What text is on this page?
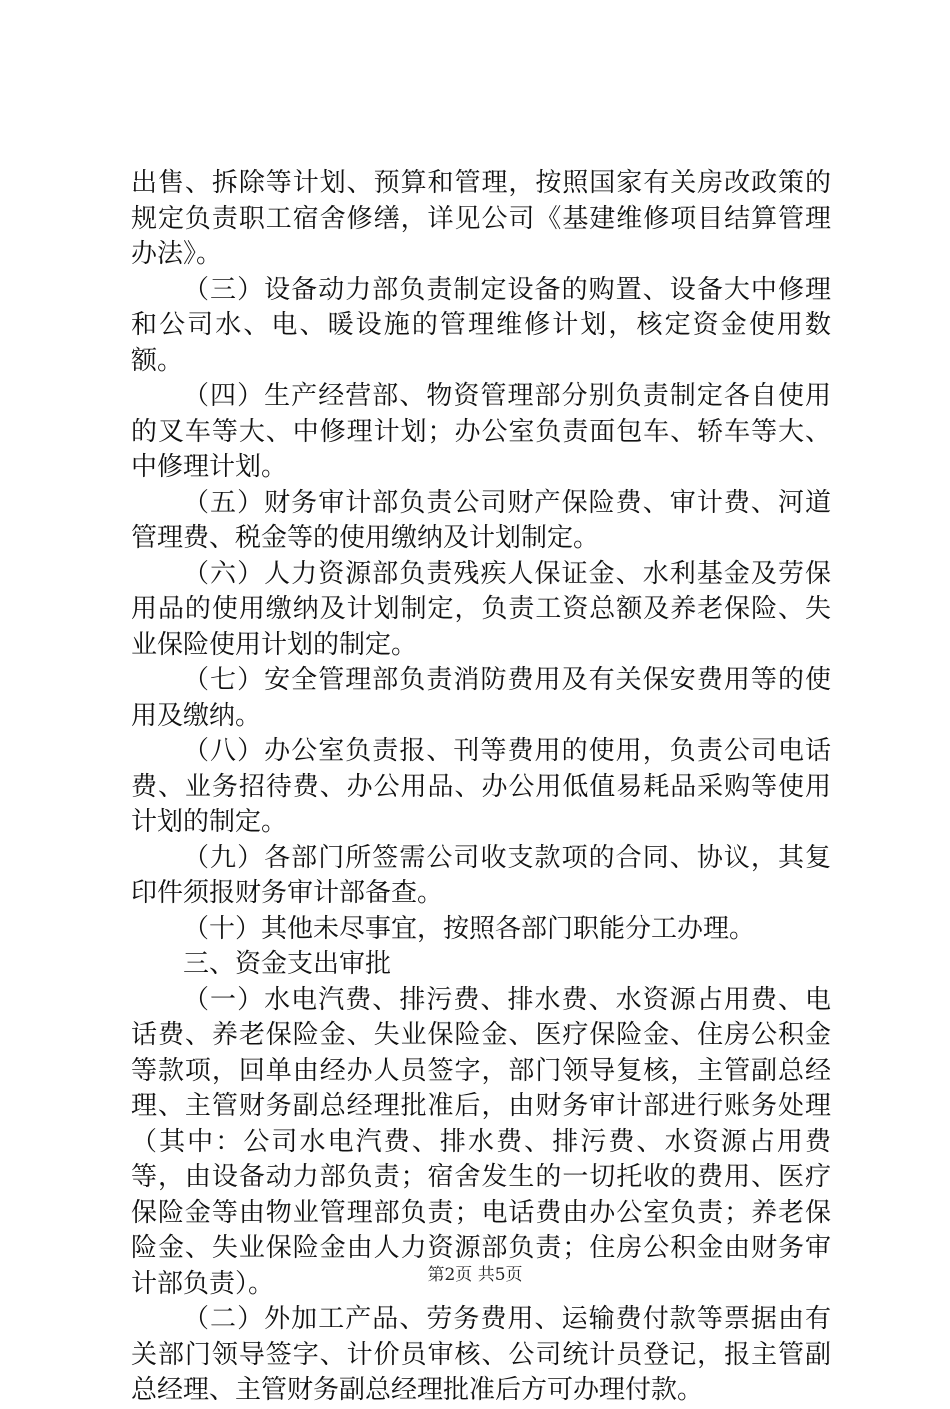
出售、拆除等计划、预算和管理，按照国家有关房改政策的规定负责职工宿舍修缮，详见公司《基建维修项目结算管理办法》。

（三）设备动力部负责制定设备的购置、设备大中修理和公司水、电、暖设施的管理维修计划，核定资金使用数额。

（四）生产经营部、物资管理部分别负责制定各自使用的叉车等大、中修理计划；办公室负责面包车、轿车等大、中修理计划。

（五）财务审计部负责公司财产保险费、审计费、河道管理费、税金等的使用缴纳及计划制定。

（六）人力资源部负责残疾人保证金、水利基金及劳保用品的使用缴纳及计划制定，负责工资总额及养老保险、失业保险使用计划的制定。

（七）安全管理部负责消防费用及有关保安费用等的使用及缴纳。

（八）办公室负责报、刊等费用的使用，负责公司电话费、业务招待费、办公用品、办公用低值易耗品采购等使用计划的制定。

（九）各部门所签需公司收支款项的合同、协议，其复印件须报财务审计部备查。

（十）其他未尽事宜，按照各部门职能分工办理。

三、资金支出审批

（一）水电汽费、排污费、排水费、水资源占用费、电话费、养老保险金、失业保险金、医疗保险金、住房公积金等款项，回单由经办人员签字，部门领导复核，主管副总经理、主管财务副总经理批准后，由财务审计部进行账务处理（其中：公司水电汽费、排水费、排污费、水资源占用费等，由设备动力部负责；宿舍发生的一切托收的费用、医疗保险金等由物业管理部负责；电话费由办公室负责；养老保险金、失业保险金由人力资源部负责；住房公积金由财务审计部负责）。

（二）外加工产品、劳务费用、运输费付款等票据由有关部门领导签字、计价员审核、公司统计员登记，报主管副总经理、主管财务副总经理批准后方可办理付款。

第2页 共5页
